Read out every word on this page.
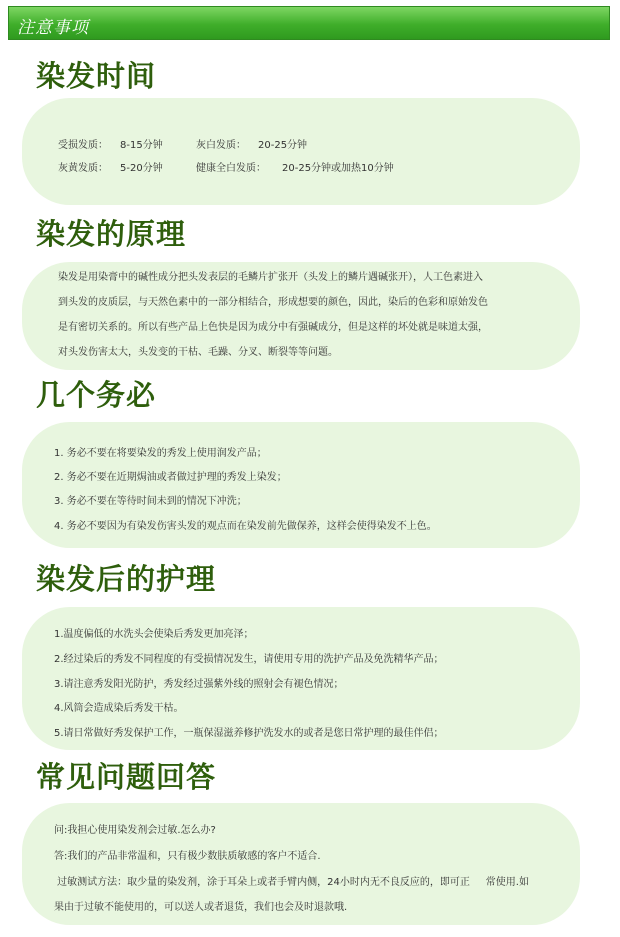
注意事项
染发时间
受损发质： 8-15分钟	灰白发质： 20-25分钟
灰黄发质： 5-20分钟	健康全白发质： 20-25分钟或加热10分钟
染发的原理
染发是用染膏中的碱性成分把头发表层的毛鳞片扩张开（头发上的鳞片遇碱张开），人工色素进入
到头发的皮质层，与天然色素中的一部分相结合，形成想要的颜色，因此，染后的色彩和原始发色
是有密切关系的。所以有些产品上色快是因为成分中有强碱成分，但是这样的坏处就是味道太强，
对头发伤害太大，头发变的干枯、毛躁、分叉、断裂等等问题。
几个务必
1. 务必不要在将要染发的秀发上使用润发产品；
2. 务必不要在近期焗油或者做过护理的秀发上染发；
3. 务必不要在等待时间未到的情况下冲洗；
4. 务必不要因为有染发伤害头发的观点而在染发前先做保养，这样会使得染发不上色。
染发后的护理
1.温度偏低的水洗头会使染后秀发更加亮泽；
2.经过染后的秀发不同程度的有受损情况发生，请使用专用的洗护产品及免洗精华产品；
3.请注意秀发阳光防护，秀发经过强紫外线的照射会有褪色情况；
4.风筒会造成染后秀发干枯。
5.请日常做好秀发保护工作，一瓶保湿滋养修护洗发水的或者是您日常护理的最佳伴侣；
常见问题回答
问:我担心使用染发剂会过敏.怎么办?
答:我们的产品非常温和，只有极少数肤质敏感的客户不适合.
过敏测试方法：取少量的染发剂，涂于耳朵上或者手臂内侧，24小时内无不良反应的，即可正     常使用.如
果由于过敏不能使用的，可以送人或者退货，我们也会及时退款哦.
